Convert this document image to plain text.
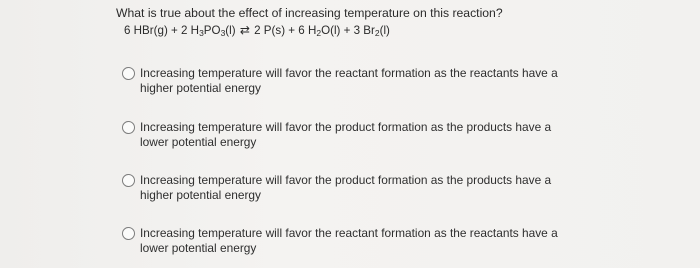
What is true about the effect of increasing temperature on this reaction?
6 HBr(g) + 2 $H_3PO_3(l)$ ⇄ 2 P(s) + 6 $H_2O(l) + 3$ $Br_2(l)$
Increasing temperature will favor the reactant formation as the reactants have a
higher potential energy
Increasing temperature will favor the product formation as the products have a
lower potential energy
Increasing temperature will favor the product formation as the products have a
higher potential energy
Increasing temperature will favor the reactant formation as the reactants have a
lower potential energy
